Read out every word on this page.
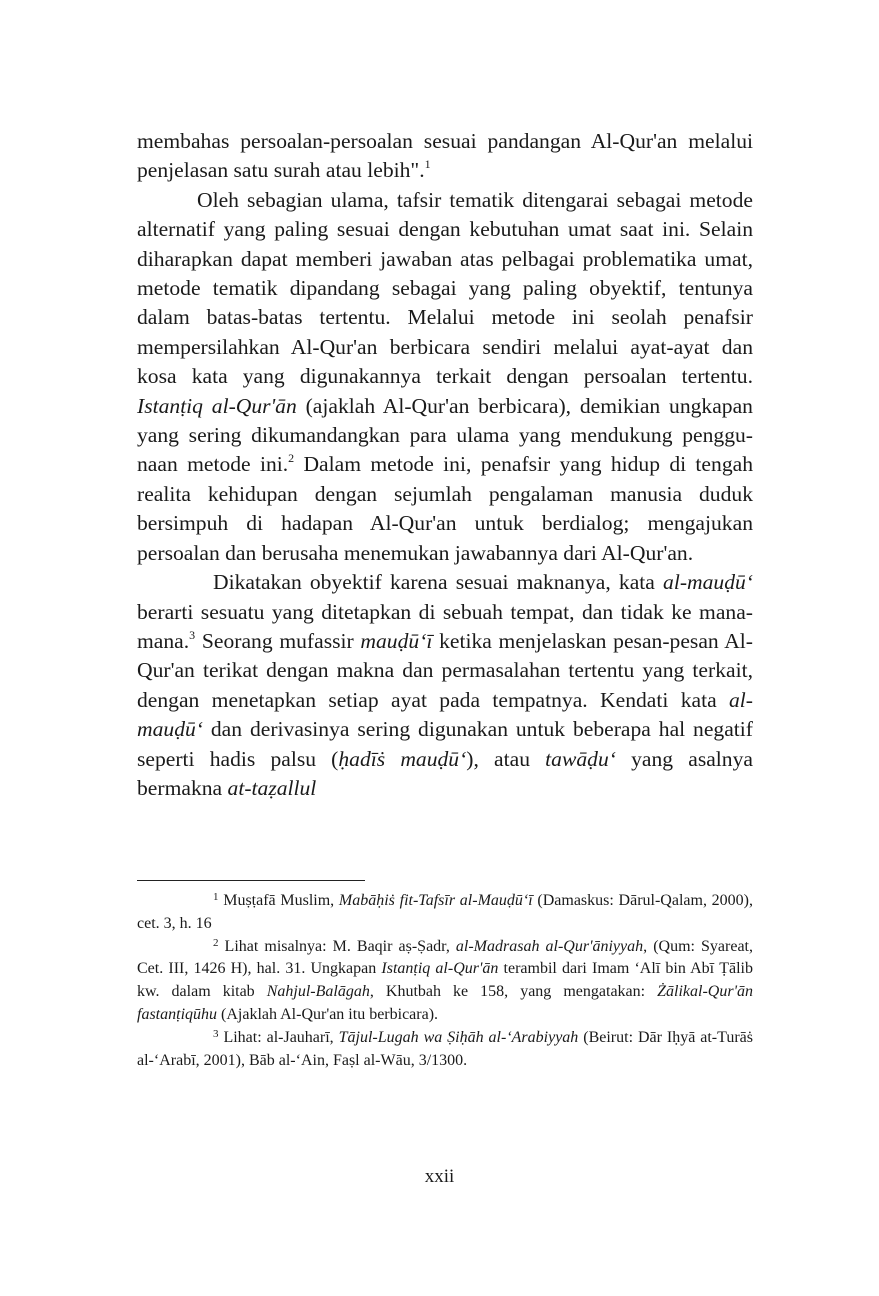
membahas persoalan-persoalan sesuai pandangan Al-Qur'an melalui penjelasan satu surah atau lebih".$^1$

Oleh sebagian ulama, tafsir tematik ditengarai sebagai metode alternatif yang paling sesuai dengan kebutuhan umat saat ini. Selain diharapkan dapat memberi jawaban atas pelbagai problematika umat, metode tematik dipandang sebagai yang paling obyektif, tentunya dalam batas-batas tertentu. Melalui metode ini seolah penafsir mempersilahkan Al-Qur'an berbicara sendiri melalui ayat-ayat dan kosa kata yang digunakannya terkait dengan persoalan tertentu. Istanṭiq al-Qur'ān (ajaklah Al-Qur'an berbicara), demikian ungkapan yang sering dikumandangkan para ulama yang mendukung penggunaan metode ini.$^2$ Dalam metode ini, penafsir yang hidup di tengah realita kehidupan dengan sejumlah pengalaman manusia duduk bersimpuh di hadapan Al-Qur'an untuk berdialog; mengajukan persoalan dan berusaha menemukan jawabannya dari Al-Qur'an.

Dikatakan obyektif karena sesuai maknanya, kata al-mauḍū‘ berarti sesuatu yang ditetapkan di sebuah tempat, dan tidak ke mana-mana.$^3$ Seorang mufassir mauḍū‘ī ketika menjelaskan pesan-pesan Al-Qur'an terikat dengan makna dan permasalahan tertentu yang terkait, dengan menetapkan setiap ayat pada tempatnya. Kendati kata al-mauḍū‘ dan derivasinya sering digunakan untuk beberapa hal negatif seperti hadis palsu (ḥadīṡ mauḍū‘), atau tawāḍu‘ yang asalnya bermakna at-taẓallul

$^1$ Muṣṭafā Muslim, Mabāḥiṡ fit-Tafsīr al-Mauḍū‘ī (Damaskus: Dārul-Qalam, 2000), cet. 3, h. 16

$^2$ Lihat misalnya: M. Baqir aṣ-Ṣadr, al-Madrasah al-Qur'āniyyah, (Qum: Syareat, Cet. III, 1426 H), hal. 31. Ungkapan Istanṭiq al-Qur'ān terambil dari Imam ‘Alī bin Abī Ṭālib kw. dalam kitab Nahjul-Balāgah, Khutbah ke 158, yang mengatakan: Żālikal-Qur'ān fastanṭiqūhu (Ajaklah Al-Qur'an itu berbicara).

$^3$ Lihat: al-Jauharī, Tājul-Lugah wa Ṣiḥāh al-‘Arabiyyah (Beirut: Dār Iḥyā at-Turāṡ al-‘Arabī, 2001), Bāb al-‘Ain, Faṣl al-Wāu, 3/1300.

xxii
